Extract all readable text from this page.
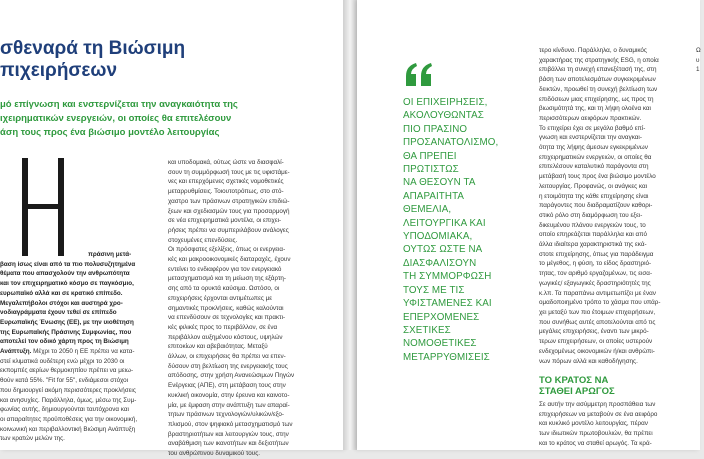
σθεναρά τη Βιώσιμη
πιχειρήσεων
μό επίγνωση και ενστερνίζεται την αναγκαιότητα της
ιχειρηματικών ενεργειών, οι οποίες θα επιτελέσουν
άση τους προς ένα βιώσιμο μοντέλο λειτουργίας
πράσινη μετά-
βαση ίσως είναι από τα πιο πολυσυζητημένα
θέματα που απασχολούν την ανθρωπότητα
και τον επιχειρηματικό κόσμο σε παγκόσμιο,
ευρωπαϊκό αλλά και σε κρατικό επίπεδο.
Μεγαλεπήβολοι στόχοι και αυστηρά χρο-
νοδιαγράμματα έχουν τεθεί σε επίπεδο
Ευρωπαϊκής Ένωσης (ΕΕ), με την υιοθέτηση
της Ευρωπαϊκής Πράσινης Συμφωνίας, που
αποτελεί τον οδικό χάρτη προς τη Βιώσιμη
Ανάπτυξη. Μέχρι το 2050 η ΕΕ πρέπει να κατα-
στεί κλιματικά ουδέτερη ενώ μέχρι το 2030 οι
εκπομπές αερίων θερμοκηπίου πρέπει να μειω-
θούν κατά 55%. "Fit for 55", ενδιάμεσοι στόχοι
που δημιουργεί ακόμη περισσότερες προκλήσεις
και ανησυχίες. Παράλληλα, όμως, μέσω της Συμ-
φωνίας αυτής, δημιουργούνται ταυτόχρονα και
οι απαραίτητες προϋποθέσεις για την οικονομική,
κοινωνική και περιβαλλοντική Βιώσιμη Ανάπτυξη
των κρατών μελών της.
και υποδομακά, ούτως ώστε να διασφαλί-
σουν τη συμμόρφωσή τους με τις υφιστάμε-
νες και επερχόμενες σχετικές νομοθετικές
μεταρρυθμίσεις. Τοιουτοτρόπως, στο στό-
χαστρο των πράσινων στρατηγικών επιδιώ-
ξεων και σχεδιασμών τους για προσαρμογή
σε νέα επιχειρηματικά μοντέλα, οι επιχει-
ρήσεις πρέπει να συμπεριλάβουν ανάλογες
στοχευμένες επενδύσεις.
Οι πρόσφατες εξελίξεις, όπως οι ενεργεια-
κές και μακροοικονομικές διαταραχές, έχουν
εντείνει το ενδιαφέρον για τον ενεργειακό
μετασχηματισμό και τη μείωση της εξάρτη-
σης από τα ορυκτά καύσιμα. Ωστόσο, οι
επιχειρήσεις έρχονται αντιμέτωπες με
σημαντικές προκλήσεις, καθώς καλούνται
να επενδύσουν σε τεχνολογίες και πρακτι-
κές φιλικές προς το περιβάλλον, σε ένα
περιβάλλον αυξημένου κόστους, υψηλών
επιτοκίων και αβεβαιότητας. Μεταξύ
άλλων, οι επιχειρήσεις θα πρέπει να επεν-
δύσουν στη βελτίωση της ενεργειακής τους
απόδοσης, στην χρήση Ανανεώσιμων Πηγών
Ενέργειας (ΑΠΕ), στη μετάβαση τους στην
κυκλική οικονομία, στην έρευνα και καινοτο-
μία, με έμφαση στην ανάπτυξη των απαραί-
τητων πράσινων τεχνολογιών/υλικών/εξο-
πλισμού, στον ψηφιακό μετασχηματισμό των
βραστηριοτήτων και λειτουργιών τους, στην
αναβάθμιση των ικανοτήτων και δεξιοτήτων
του ανθρώπινου δυναμικού τους.
ΟΙ ΕΠΙΧΕΙΡΗΣΕΙΣ,
ΑΚΟΛΟΥΘΩΝΤΑΣ
ΠΙΟ ΠΡΑΣΙΝΟ
ΠΡΟΣΑΝΑΤΟΛΙΣΜΟ,
ΘΑ ΠΡΕΠΕΙ
ΠΡΩΤΙΣΤΩΣ
ΝΑ ΘΕΣΟΥΝ ΤΑ
ΑΠΑΡΑΙΤΗΤΑ
ΘΕΜΕΛΙΑ,
ΛΕΙΤΟΥΡΓΙΚΑ ΚΑΙ
ΥΠΟΔΟΜΙΑΚΑ,
ΟΥΤΩΣ ΩΣΤΕ ΝΑ
ΔΙΑΣΦΑΛΙΣΟΥΝ
ΤΗ ΣΥΜΜΟΡΦΩΣΗ
ΤΟΥΣ ΜΕ ΤΙΣ
ΥΦΙΣΤΑΜΕΝΕΣ ΚΑΙ
ΕΠΕΡΧΟΜΕΝΕΣ
ΣΧΕΤΙΚΕΣ
ΝΟΜΟΘΕΤΙΚΕΣ
ΜΕΤΑΡΡΥΘΜΙΣΕΙΣ
τερο κίνδυνο. Παράλληλα, ο δυναμικός
χαρακτήρας της στρατηγικής ESG, η οποία
επιβάλλει τη συνεχή επανεξέτασή της, στη
βάση των αποτελεσμάτων συγκεκριμένων
δεικτών, προωθεί τη συνεχή βελτίωση των
επιδόσεων μιας επιχείρησης, ως προς τη
βιωσιμότητά της, και τη λήψη ολοένα και
περισσότερων αειφόρων πρακτικών.
Το επιχείρει έχει σε μεγάλο βαθμό επί-
γνωση και ενστερνίζεται την αναγκαι-
ότητα της λήψης άμεσων εγκεκριμένων
επιχειρηματικών ενεργειών, οι οποίες θα
επιτελέσουν καταλυτικό παράγοντα στη
μετάβασή τους προς ένα βιώσιμο μοντέλο
λειτουργίας. Προφανώς, οι ανάγκες και
η ετοιμότητα της κάθε επιχείρησης είναι
παράγοντες που διαδραματίζουν καθορι-
στικό ρόλο στη διαμόρφωση του εξει-
δικευμένου πλάνου ενεργειών τους, το
οποίο επηρεάζεται παράλληλα και από
άλλα ιδιαίτερα χαρακτηριστικά της εκά-
στοτε επιχείρησης, όπως για παράδειγμα
το μέγεθος, η φύση, το είδος δραστηριό-
τητας, τον αριθμό εργαζομένων, τις εισα-
γωγικές/ εξαγωγικές δραστηριότητές της
κ.λπ. Τα παραπάνω αντιμετωπίζει με έναν
ομαδοποιημένο τρόπο το χάσμα που υπάρ-
χει μεταξύ των πιο έτοιμων επιχειρήσεων,
που συνήθως αυτές αποτελούνται από τις
μεγάλες επιχειρήσεις, έναντι των μικρό-
τερων επιχειρήσεων, οι οποίες υστερούν
ενδεχομένως οικονομικών ή/και ανθρώπι-
νων πόρων αλλά και καθοδήγησης.
ΤΟ ΚΡΑΤΟΣ ΝΑ
ΣΤΑΘΕΙ ΑΡΩΓΟΣ
Σε αυτήν την ασύμμετρη προσπάθεια των
επιχειρήσεων να μεταβούν σε ένα αειφόρο
και κυκλικό μοντέλο λειτουργίας, πέραν
των ιδιωτικών πρωτοβουλιών, θα πρέπει
και το κράτος να σταθεί αρωγός. Τα κρά-
Ω
υ
1
